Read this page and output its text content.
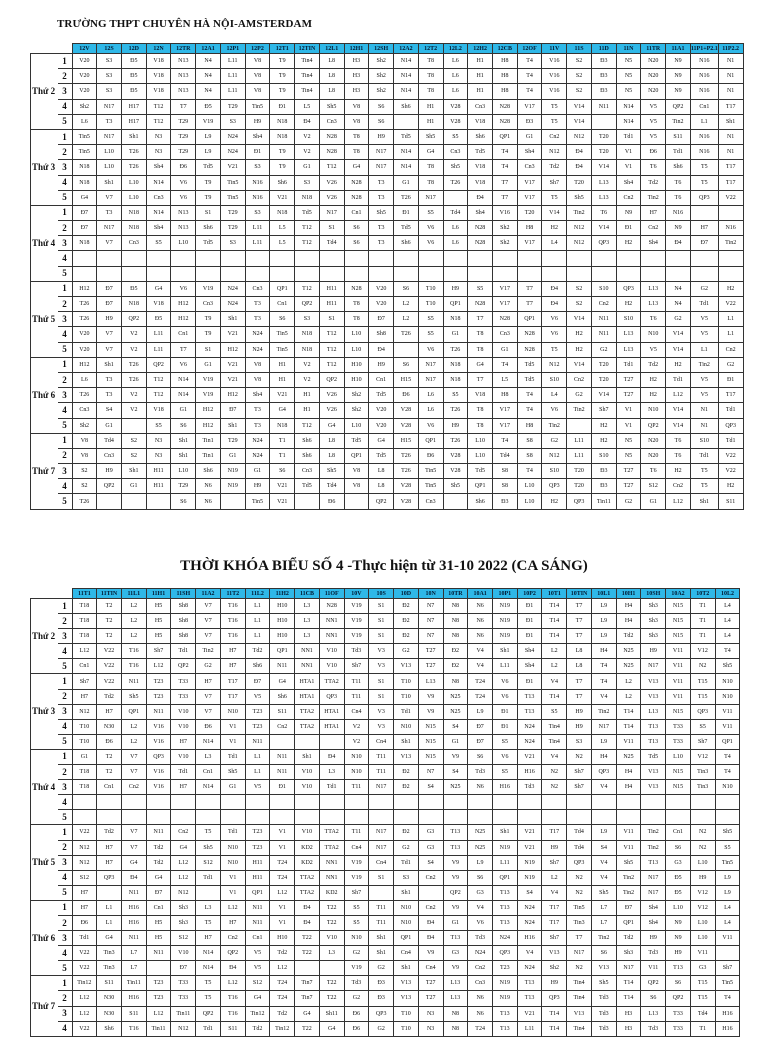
TRƯỜNG THPT CHUYÊN HÀ NỘI-AMSTERDAM
THỜI KHÓA BIỂU SỐ 4 -Thực hiện từ 31-10 2022 (CA SÁNG)
		12V	12S	12D	12N	12TR	12A1	12P1	12P2	12T1	12TIN	12L1	12H1	12SH	12A2	12T2	12L2	12H2	12CB	12OF	11V	11S	11D	11N	11TR	11A1	11P1+P2.1	11P2.2
Thứ 2	1	V20	S3	Đ5	V18	N13	N4	L11	V8	T9	Tin4	L8	H3	Sh2	N14	T8	L6	H1	H8	T4	V16	S2	Đ3	N5	N20	N9	N16	N1
	2	V20	S3	Đ5	V18	N13	N4	L11	V8	T9	Tin4	L8	H3	Sh2	N14	T8	L6	H1	H8	T4	V16	S2	Đ3	N5	N20	N9	N16	N1
	3	V20	S3	Đ5	V18	N13	N4	L11	V8	T9	Tin4	L8	H3	Sh2	N14	T8	L6	H1	H8	T4	V16	S2	Đ3	N5	N20	N9	N16	N1
	4	Sh2	N17	H17	T12	T7	Đ5	T29	Tin5	Đ1	L5	Sh5	V8	S6	Sh6	H1	V28	Cn3	N28	V17	T5	V14	N11	N14	V5	QP2	Cn1	T17
	5	L6	T3	H17	T12	T29	V19	S3	H9	N18	Đ4	Cn3	V8	S6		H1	V28	V18	N28	Đ3	T5	V14		N14	V5	Tin2	L1	Sh1
Thứ 3	1	Tin5	N17	Sh1	N3	T29	L9	N24	Sh4	N18	V2	N28	T8	H9	Td5	Sh5	S5	Sh6	QP1	G1	Cn2	N12	T20	Td1	V5	S11	N16	N1
	2	Tin5	L10	T26	N3	T29	L9	N24	Đ1	T9	V2	N28	T8	N17	N14	G4	Cn3	Td5	T4	Sh4	N12	Đ4	T20	V1	Đ6	Td1	N16	N1
	3	N18	L10	T26	Sh4	Đ6	Td5	V21	S3	T9	G1	T12	G4	N17	N14	T8	Sh5	V18	T4	Cn3	Td2	Đ4	V14	V1	T6	Sh6	T5	T17
	4	N18	Sh1	L10	N14	V6	T9	Tin5	N16	Sh6	S3	V26	N28	T3	G1	T8	T26	V18	T7	V17	Sh7	T20	L13	Sh4	Td2	T6	T5	T17
	5	G4	V7	L10	Cn3	V6	T9	Tin5	N16	V21	N18	V26	N28	T3	T26	N17		Đ4	T7	V17	T5	Sh5	L13	Cn2	Tin2	T6	QP3	V22
Thứ 4	1	Đ7	T3	N18	N14	N13	S1	T29	S3	N18	Td5	N17	Cn1	Sh5	Đ1	S5	Td4	Sh4	V16	T20	V14	Tin2	T6	N9	H7	N16		
	2	Đ7	N17	N18	Sh4	N13	Sh6	T29	L11	L5	T12	S1	S6	T3	Td5	V6	L6	N28	Sh2	H8	H2	N12	V14	Đ1	Cn2	N9	H7	N16
	3	N18	V7	Cn3	S5	L10	Td5	S3	L11	L5	T12	Td4	S6	T3	Sh6	V6	L6	N28	Sh2	V17	L4	N12	QP3	H2	Sh4	Đ4	Đ7	Tin2
	4																											
	5																											
Thứ 5	1	H12	Đ7	Đ5	G4	V6	V19	N24	Cn3	QP1	T12	H11	N28	V20	S6	T10	H9	S5	V17	T7	Đ4	S2	S10	QP3	L13	N4	G2	H2
	2	T26	Đ7	N18	V18	H12	Cn3	N24	T3	Cn1	QP2	H11	T8	V20	L2	T10	QP1	N28	V17	T7	Đ4	S2	Cn2	H2	L13	N4	Td1	V22
	3	T26	H9	QP2	Đ5	H12	T9	Sh1	T3	S6	S3	S1	T8	Đ7	L2	S5	N18	T7	N28	QP1	V6	V14	N11	S10	T6	G2	V5	L1
	4	V20	V7	V2	L11	Cn1	T9	V21	N24	Tin5	N18	T12	L10	Sh8	T26	S5	G1	T8	Cn3	N28	V6	H2	N11	L13	N10	V14	V5	L1
	5	V20	V7	V2	L11	T7	S1	H12	N24	Tin5	N18	T12	L10	Đ4		V6	T26	T8	G1	N28	T5	H2	G2	L13	V5	V14	L1	Cn2
Thứ 6	1	H12	Sh1	T26	QP2	V6	G1	V21	V8	H1	V2	T12	H10	H9	S6	N17	N18	G4	T4	Td5	N12	V14	T20	Td1	Td2	H2	Tin2	G2
	2	L6	T3	T26	T12	N14	V19	V21	V8	H1	V2	QP2	H10	Cn1	H15	N17	N18	T7	L5	Td5	S10	Cn2	T20	T27	H2	Td1	V5	Đ1
	3	T26	T3	V2	T12	N14	V19	H12	Sh4	V21	H1	V26	Sh2	Td5	Đ6	L6	S5	V18	H8	T4	L4	G2	V14	T27	H2	L12	V5	T17
	4	Cn3	S4	V2	V18	G1	H12	Đ7	T3	G4	H1	V26	Sh2	V20	V28	L6	T26	T8	V17	T4	V6	Tin2	Sh7	V1	N10	V14	N1	Td1
	5	Sh2	G1		S5	S6	H12	Sh1	T3	N18	T12	G4	L10	V20	V28	V6	H9	T8	V17	H8	Tin2		H2	V1	QP2	V14	N1	QP3
Thứ 7	1	V8	Td4	S2	N3	Sh1	Tin1	T29	N24	T1	Sh6	L8	Td5	G4	H15	QP1	T26	L10	T4	S8	G2	L11	H2	N5	N20	T6	S10	Td1
	2	V8	Cn3	S2	N3	Sh1	Tin1	G1	N24	T1	Sh6	L8	QP1	Td5	T26	Đ6	V28	L10	Td4	S8	N12	L11	S10	N5	N20	T6	Td1	V22
	3	S2	H9	Sh1	H11	L10	Sh6	N19	G1	S6	Cn3	Sh5	V8	L8	T26	Tin5	V28	Td5	S8	T4	S10	T20	Đ3	T27	T6	H2	T5	V22
	4	S2	QP2	G1	H11	T29	N6	N19	H9	V21	Td5	Td4	V8	L8	V28	Tin5	Sh5	QP1	S8	L10	QP3	T20	Đ3	T27	S12	Cn2	T5	H2
	5	T26				S6	N6		Tin5	V21		Đ6		QP2	V28	Cn3		Sh6	Đ3	L10	H2	QP3	Tin11	G2	G1	L12	Sh1	S11
		11T1	11TIN	11L1	11H1	11SH	11A2	11T2	11L2	11H2	11CB	11OF	10V	10S	10D	10N	10TR	10A1	10P1	10P2	10T1	10TIN	10L1	10H1	10SH	10A2	10T2	10L2
Thứ 2	1	T18	T2	L2	H5	Sh8	V7	T16	L1	H10	L3	N28	V19	S1	Đ2	N7	N8	N6	N19	Đ1	T14	T7	L9	H4	Sh3	N15	T1	L4
	2	T18	T2	L2	H5	Sh8	V7	T16	L1	H10	L3	NN1	V19	S1	Đ2	N7	N8	N6	N19	Đ1	T14	T7	L9	H4	Sh3	N15	T1	L4
	3	T18	T2	L2	H5	Sh8	V7	T16	L1	H10	L3	NN1	V19	S1	Đ2	N7	N8	N6	N19	Đ1	T14	T7	L9	Td2	Sh3	N15	T1	L4
	4	L12	V22	T16	Sh7	Td1	Tin2	H7	Td2	QP1	NN1	V10	Td3	V3	G2	T27	Đ2	V4	Sh1	Sh4	L2	L8	H4	N25	H9	V11	V12	T4
	5	Cn1	V22	T16	L12	QP2	G2	H7	Sh6	N11	NN1	V10	Sh7	V3	V13	T27	Đ2	V4	L11	Sh4	L2	L8	T4	N25	N17	V11	N2	Sh5
Thứ 3	1	Sh7	V22	N11	T23	T33	H7	T17	Đ7	G4	HTA1	TTA2	T11	S1	T10	L13	N8	T24	V6	Đ1	V4	T7	T4	L2	V13	V11	T15	N10
	2	H7	Td2	Sh5	T23	T33	V7	T17	V5	Sh6	HTA1	QP3	T11	S1	T10	V9	N25	T24	V6	T13	T14	T7	V4	L2	V13	V11	T15	N10
	3	N12	H7	QP1	N11	V10	V7	N10	T23	S11	TTA2	HTA1	Cn4	V3	Td1	V9	N25	L9	Đ1	T13	S5	H9	Tin2	T14	L13	N15	QP3	V11
	4	T10	N30	L2	V16	V10	Đ6	V1	T23	Cn2	TTA2	HTA1	V2	V3	N10	N15	S4	Đ7	Đ1	N24	Tin4	H9	N17	T14	T13	T33	S5	V11
	5	T10	Đ6	L2	V16	H7	N14	V1	N11				V2	Cn4	Sh1	N15	G1	Đ7	S5	N24	Tin4	S3	L9	V11	T13	T33	Sh7	QP1
Thứ 4	1	G1	T2	V7	QP3	V10	L3	Td1	L1	N11	Sh1	Đ4	N10	T11	V13	N15	V9	S6	V6	V21	V4	N2	H4	N25	Td5	L10	V12	T4
	2	T18	T2	V7	V16	Td1	Cn1	Sh5	L1	N11	V10	L3	N10	T11	Đ2	N7	S4	Td3	S5	H16	N2	Sh7	QP3	H4	V13	N15	Tin3	T4
	3	T18	Cn1	Cn2	V16	H7	N14	G1	V5	Đ1	V10	Td1	T11	N17	Đ2	S4	N25	N6	H16	Td3	N2	Sh7	V4	H4	V13	N15	Tin3	N10
	4																											
	5																											
Thứ 5	1	V22	Td2	V7	N11	Cn2	T5	Td1	T23	V1	V10	TTA2	T11	N17	Đ2	G3	T13	N25	Sh1	V21	T17	Td4	L9	V11	Tin2	Cn1	N2	Sh5
	2	N12	H7	V7	Td2	G4	Sh5	N10	T23	V1	KD2	TTA2	Cn4	N17	G2	G3	T13	N25	N19	V21	H9	Td4	S4	V11	Tin2	S6	N2	S5
	3	N12	H7	G4	Td2	L12	S12	N10	H11	T24	KD2	NN1	V19	Cn4	Td1	S4	V9	L9	L11	N19	Sh7	QP3	V4	Sh5	T13	G3	L10	Tin5
	4	S12	QP3	Đ4	G4	L12	Td1	V1	H11	T24	TTA2	NN1	V19	S1	S3	Cn2	V9	S6	QP1	N19	L2	N2	V4	Tin2	N17	Đ5	H9	L9
	5	H7		N11	Đ7	N12		V1	QP1	L12	TTA2	KD2	Sh7		Sh1		QP2	G3	T13	S4	V4	N2	Sh5	Tin2	N17	Đ5	V12	L9
Thứ 6	1	H7	L1	H16	Cn1	Sh3	L3	L12	N11	V1	Đ4	T22	S5	T11	N10	Cn2	V9	V4	T13	N24	T17	Tin5	L7	Đ7	Sh4	L10	V12	L4
	2	Đ6	L1	H16	H5	Sh3	T5	H7	N11	V1	Đ4	T22	S5	T11	N10	Đ4	G1	V6	T13	N24	T17	Tin3	L7	QP1	Sh4	N9	L10	L4
	3	Td1	G4	N11	H5	S12	H7	Cn2	Cn1	H10	T22	V10	N10	Sh1	QP1	Đ4	T13	Td3	N24	H16	Sh7	T7	Tin2	Td2	H9	N9	L10	V11
	4	V22	Tin3	L7	N11	V10	N14	QP2	V5	Td2	T22	L3	G2	Sh1	Cn4	V9	G3	N24	QP3	V4	V13	N17	S6	Sh3	Td3	H9	V11	
	5	V22	Tin3	L7		Đ7	N14	Đ4	V5	L12			V19	G2	Sh1	Cn4	V9	Cn2	T23	N24	Sh2	N2	V13	N17	V11	T13	G3	Sh7
Thứ 7	1	Tin12	S11	Tin11	T23	T33	T5	L12	S12	T24	Tin7	T22	Td3	Đ3	V13	T27	L13	Cn3	N19	T13	H9	Tin4	Sh5	T14	QP2	S6	T15	Tin5
	2	L12	N30	H16	T23	T33	T5	T16	G4	T24	Tin7	T22	G2	Đ3	V13	T27	L13	N6	N19	T13	QP3	Tin4	Td3	T14	S6	QP2	T15	T4
	3	L12	N30	S11	L12	Tin11	QP2	T16	Tin12	Td2	G4	Sh11	Đ6	QP3	T10	N3	N8	N6	T13	V21	T14	V13	Td3	H3	L13	T33	Td4	H16
	4	V22	Sh6	T16	Tin11	N12	Td1	S11	Td2	Tin12	T22	G4	Đ6	G2	T10	N3	N8	T24	T13	L11	T14	Tin4	Td3	H3	Td3	T33	T1	H16
